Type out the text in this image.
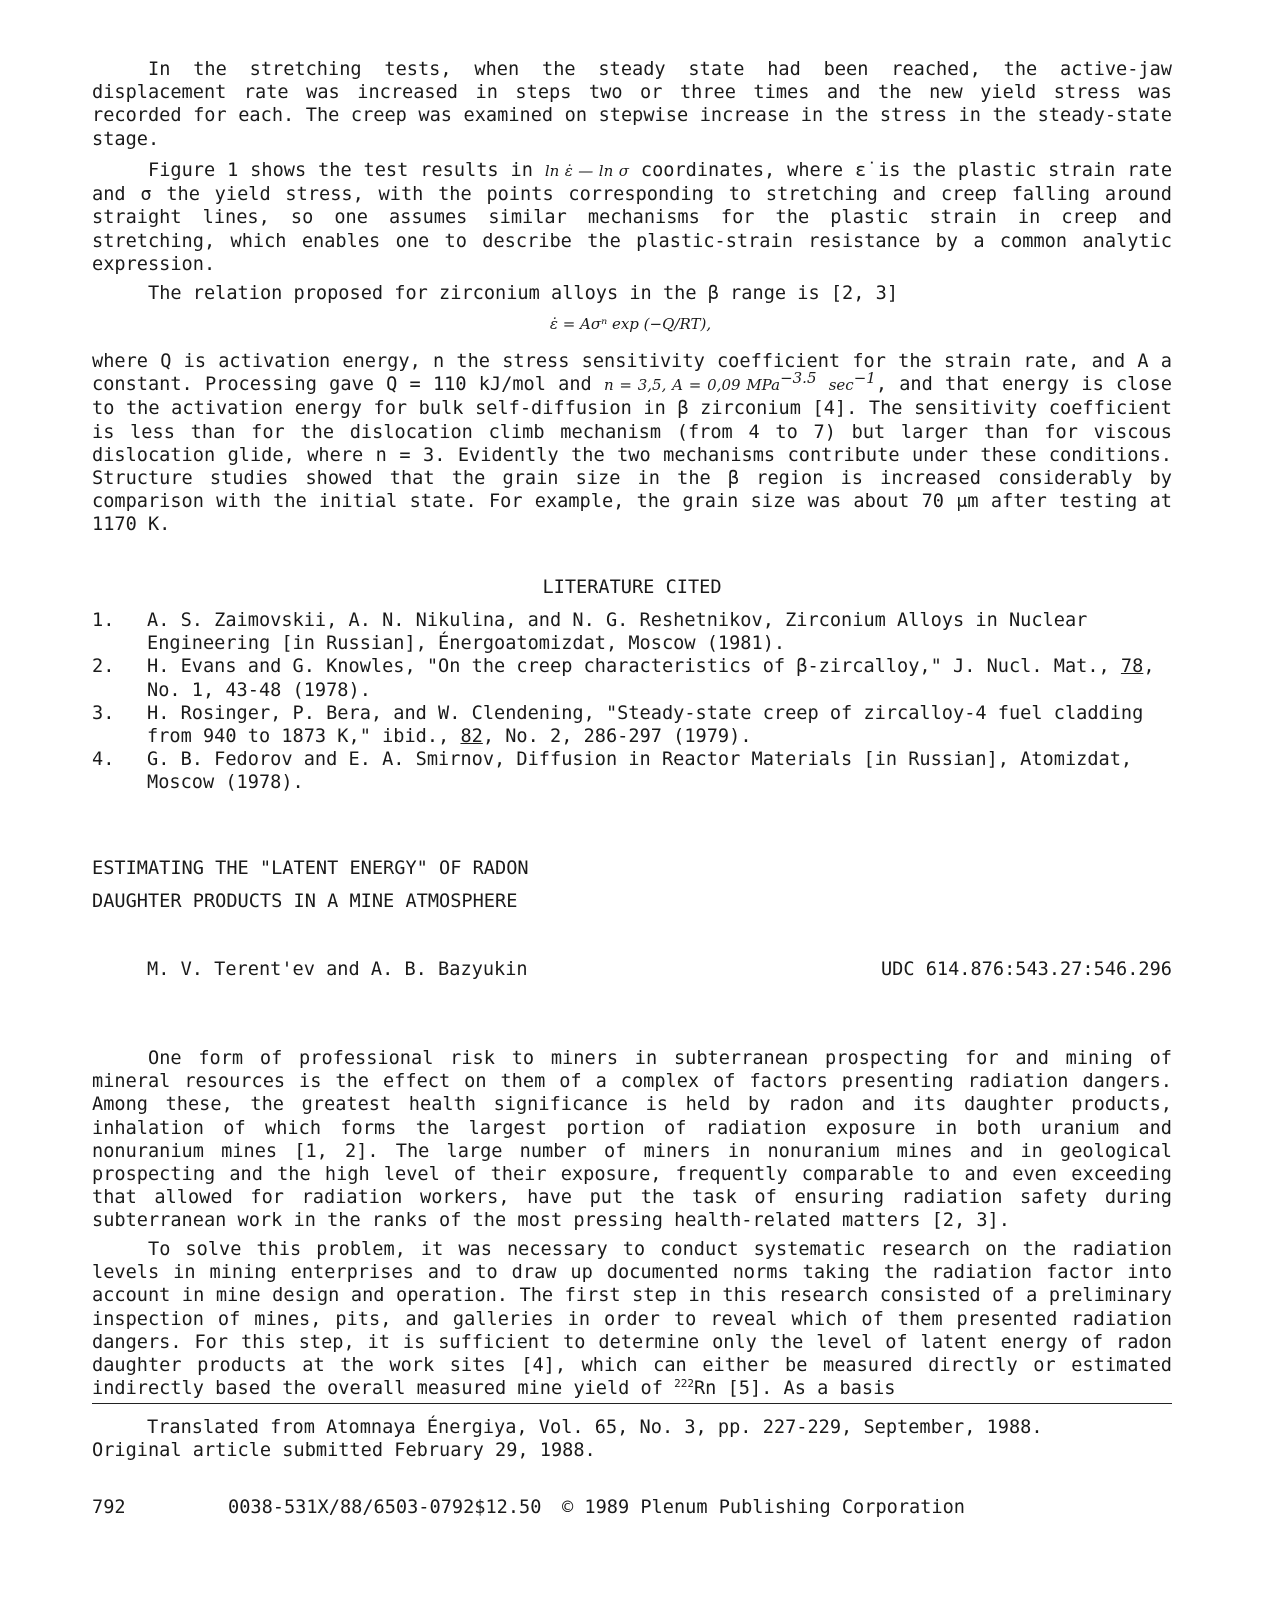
In the stretching tests, when the steady state had been reached, the active-jaw displacement rate was increased in steps two or three times and the new yield stress was recorded for each. The creep was examined on stepwise increase in the stress in the steady-state stage.

Figure 1 shows the test results in ln ε̇ — ln σ coordinates, where ε̇ is the plastic strain rate and σ the yield stress, with the points corresponding to stretching and creep falling around straight lines, so one assumes similar mechanisms for the plastic strain in creep and stretching, which enables one to describe the plastic-strain resistance by a common analytic expression.

The relation proposed for zirconium alloys in the β range is [2, 3]

ε̇ = Aσⁿ exp (−Q/RT),

where Q is activation energy, n the stress sensitivity coefficient for the strain rate, and A a constant. Processing gave Q = 110 kJ/mol and n = 3,5, A = 0,09 MPa$^{-3.5}$ $\sec^{-1}$, and that energy is close to the activation energy for bulk self-diffusion in β zirconium [4]. The sensitivity coefficient is less than for the dislocation climb mechanism (from 4 to 7) but larger than for viscous dislocation glide, where n = 3. Evidently the two mechanisms contribute under these conditions. Structure studies showed that the grain size in the β region is increased considerably by comparison with the initial state. For example, the grain size was about 70 μm after testing at 1170 K.

LITERATURE CITED
1.	A. S. Zaimovskii, A. N. Nikulina, and N. G. Reshetnikov, Zirconium Alloys in Nuclear Engineering [in Russian], Énergoatomizdat, Moscow (1981).
2.	H. Evans and G. Knowles, "On the creep characteristics of β-zircalloy," J. Nucl. Mat., 78, No. 1, 43-48 (1978).
3.	H. Rosinger, P. Bera, and W. Clendening, "Steady-state creep of zircalloy-4 fuel cladding from 940 to 1873 K," ibid., 82, No. 2, 286-297 (1979).
4.	G. B. Fedorov and E. A. Smirnov, Diffusion in Reactor Materials [in Russian], Atomizdat, Moscow (1978).
ESTIMATING THE "LATENT ENERGY" OF RADON
DAUGHTER PRODUCTS IN A MINE ATMOSPHERE
M. V. Terent'ev and A. B. Bazyukin	UDC 614.876:543.27:546.296

One form of professional risk to miners in subterranean prospecting for and mining of mineral resources is the effect on them of a complex of factors presenting radiation dangers. Among these, the greatest health significance is held by radon and its daughter products, inhalation of which forms the largest portion of radiation exposure in both uranium and nonuranium mines [1, 2]. The large number of miners in nonuranium mines and in geological prospecting and the high level of their exposure, frequently comparable to and even exceeding that allowed for radiation workers, have put the task of ensuring radiation safety during subterranean work in the ranks of the most pressing health-related matters [2, 3].

To solve this problem, it was necessary to conduct systematic research on the radiation levels in mining enterprises and to draw up documented norms taking the radiation factor into account in mine design and operation. The first step in this research consisted of a preliminary inspection of mines, pits, and galleries in order to reveal which of them presented radiation dangers. For this step, it is sufficient to determine only the level of latent energy of radon daughter products at the work sites [4], which can either be measured directly or estimated indirectly based the overall measured mine yield of $^{222}$Rn [5]. As a basis

Translated from Atomnaya Énergiya, Vol. 65, No. 3, pp. 227-229, September, 1988.
Original article submitted February 29, 1988.
792	0038-531X/88/6503-0792$12.50	© 1989 Plenum Publishing Corporation
